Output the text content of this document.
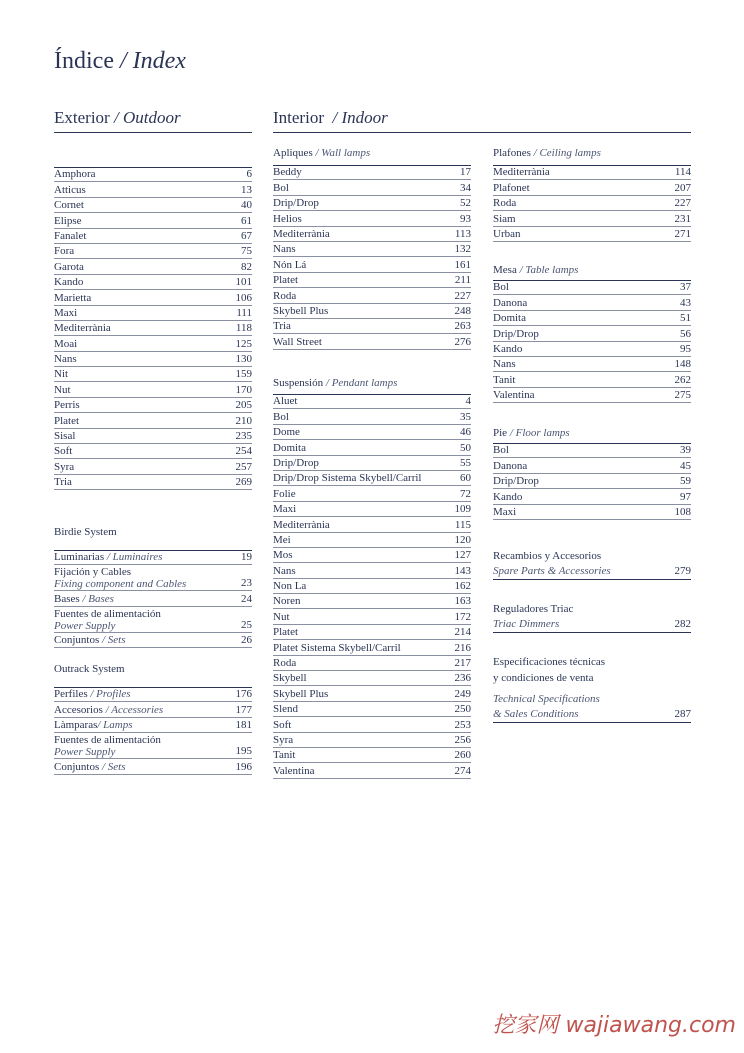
Índice / Index
Exterior / Outdoor	Interior  / Indoor
Amphora	6
Atticus	13
Cornet	40
Elipse	61
Fanalet	67
Fora	75
Garota	82
Kando	101
Marietta	106
Maxi	111
Mediterrània	118
Moai	125
Nans	130
Nit	159
Nut	170
Perris	205
Platet	210
Sisal	235
Soft	254
Syra	257
Tria	269
Birdie System
Luminarias / Luminaires	19
Fijación y Cables
Fixing component and Cables	23
Bases / Bases	24
Fuentes de alimentación
Power Supply	25
Conjuntos / Sets	26
Outrack System
Perfiles / Profiles	176
Accesorios / Accessories	177
Làmparas/ Lamps	181
Fuentes de alimentación
Power Supply	195
Conjuntos / Sets	196
Apliques / Wall lamps
Beddy	17
Bol	34
Drip/Drop	52
Helios	93
Mediterrània	113
Nans	132
Nón Lá	161
Platet	211
Roda	227
Skybell Plus	248
Tria	263
Wall Street	276
Suspensión / Pendant lamps
Aluet	4
Bol	35
Dome	46
Domita	50
Drip/Drop	55
Drip/Drop Sistema Skybell/Carril	60
Folie	72
Maxi	109
Mediterrània	115
Mei	120
Mos	127
Nans	143
Non La	162
Noren	163
Nut	172
Platet	214
Platet Sistema Skybell/Carril	216
Roda	217
Skybell	236
Skybell Plus	249
Slend	250
Soft	253
Syra	256
Tanit	260
Valentina	274
Plafones / Ceiling lamps
Mediterrània	114
Plafonet	207
Roda	227
Siam	231
Urban	271
Mesa / Table lamps
Bol	37
Danona	43
Domita	51
Drip/Drop	56
Kando	95
Nans	148
Tanit	262
Valentina	275
Pie / Floor lamps
Bol	39
Danona	45
Drip/Drop	59
Kando	97
Maxi	108
Recambios y Accesorios
Spare Parts & Accessories	279
Reguladores Triac
Triac Dimmers	282
Especificaciones técnicas
y condiciones de venta
Technical Specifications
& Sales Conditions	287
挖家网 wajiawang.com
